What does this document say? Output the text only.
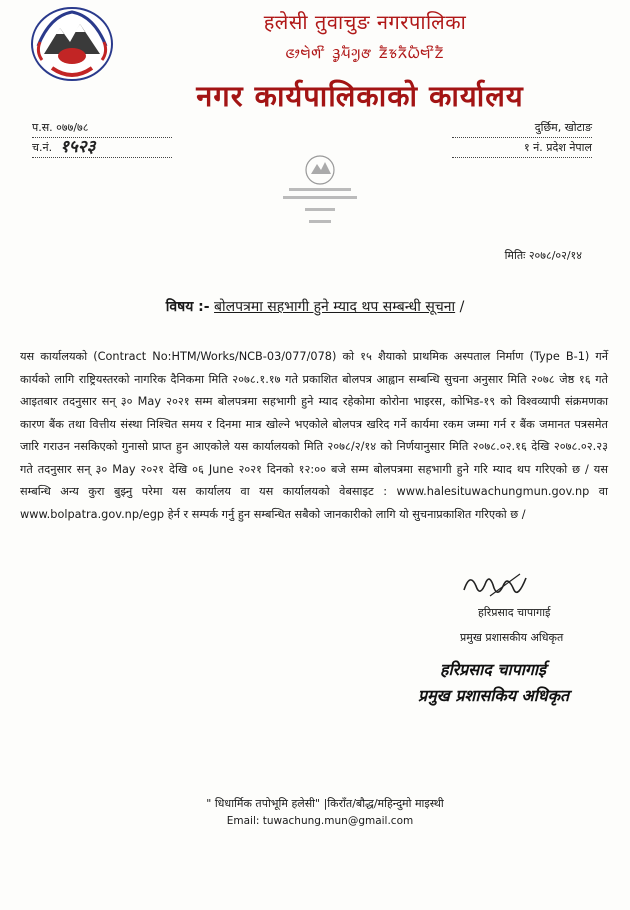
हलेसी तुवाचुङ नगरपालिका
ᤜᤣᤗᤧᤛᤡ ᤋᤢᤘᤠᤆᤢᤅ ᤏᤠᤃᤖᤠᤐᤠᤗᤡᤁᤠ
नगर कार्यपालिकाको कार्यालय
प.स. ०७७/७८
च.नं. १५२३
दुर्छिम, खोटाङ
१ नं. प्रदेश नेपाल
मितिः २०७८/०२/१४
विषय :- बोलपत्रमा सहभागी हुने म्याद थप सम्बन्धी सूचना /
यस कार्यालयको (Contract No:HTM/Works/NCB-03/077/078) को १५ शैयाको प्राथमिक अस्पताल निर्माण (Type B-1) गर्ने कार्यको लागि राष्ट्रियस्तरको नागरिक दैनिकमा मिति २०७८.१.१७ गते प्रकाशित बोलपत्र आह्वान सम्बन्धि सुचना अनुसार मिति २०७८ जेष्ठ १६ गते आइतबार तदनुसार सन् ३० May २०२१ सम्म बोलपत्रमा सहभागी हुने म्याद रहेकोमा कोरोना भाइरस, कोभिड-१९ को विश्वव्यापी संक्रमणका कारण बैंक तथा वित्तीय संस्था निश्चित समय र दिनमा मात्र खोल्ने भएकोले बोलपत्र खरिद गर्ने कार्यमा रकम जम्मा गर्न र बैंक जमानत पत्रसमेत जारि गराउन नसकिएको गुनासो प्राप्त हुन आएकोले यस कार्यालयको मिति २०७८/२/१४ को निर्णयानुसार मिति २०७८.०२.१६ देखि २०७८.०२.२३ गते तदनुसार सन् ३० May २०२१ देखि ०६ June २०२१ दिनको १२:०० बजे सम्म बोलपत्रमा सहभागी हुने गरि म्याद थप गरिएको छ / यस सम्बन्धि अन्य कुरा बुझ्नु परेमा यस कार्यालय वा यस कार्यालयको वेबसाइट : www.halesituwachungmun.gov.np वा www.bolpatra.gov.np/egp हेर्न र सम्पर्क गर्नु हुन सम्बन्धित सबैको जानकारीको लागि यो सुचनाप्रकाशित गरिएको छ /
हरिप्रसाद चापागाई
प्रमुख प्रशासकीय अधिकृत
हरिप्रसाद चापागाई
प्रमुख प्रशासकिय अधिकृत
" धिधार्मिक तपोभूमि हलेसी" |किराँत/बौद्ध/महिन्दुमो माइस्थी
Email: tuwachung.mun@gmail.com
